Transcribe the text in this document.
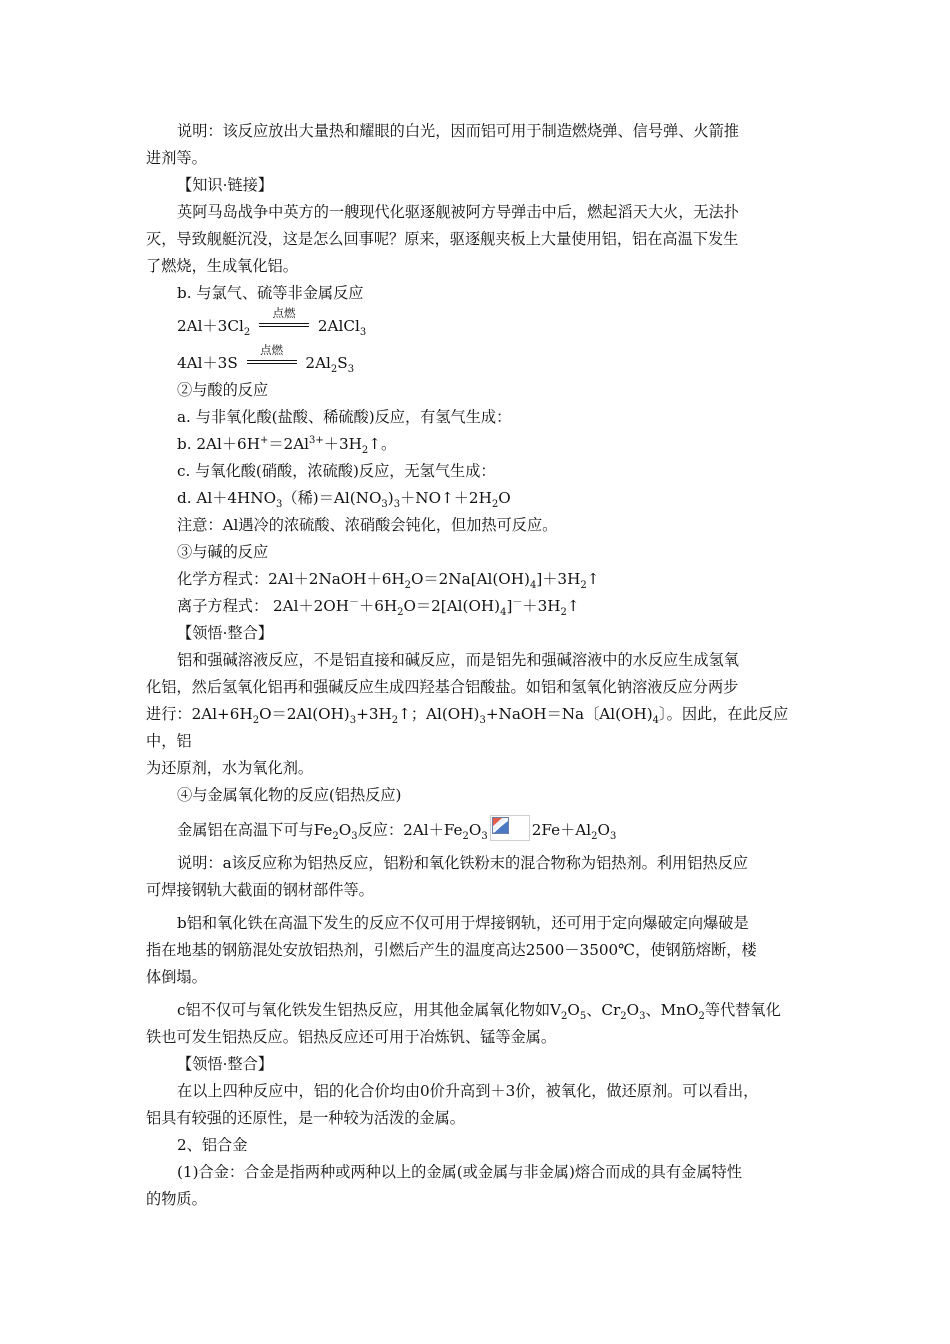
说明：该反应放出大量热和耀眼的白光，因而铝可用于制造燃烧弹、信号弹、火箭推

进剂等。

【知识·链接】

英阿马岛战争中英方的一艘现代化驱逐舰被阿方导弹击中后，燃起滔天大火，无法扑

灭，导致舰艇沉没，这是怎么回事呢？原来，驱逐舰夹板上大量使用铝，铝在高温下发生

了燃烧，生成氧化铝。

b. 与氯气、硫等非金属反应

$2Al+3Cl_2$
点燃
2AlCl$_3$

4Al＋3S
点燃
$2Al_2S_3$

②与酸的反应

a. 与非氧化酸(盐酸、稀硫酸)反应，有氢气生成：

b. $2Al+6H^+=2Al^{3+}+3H_2↑$。

c. 与氧化酸(硝酸，浓硫酸)反应，无氢气生成：

d. $Al+4HNO_3$（稀)$=Al(NO_3)_3+NO↑+2H_2O$

注意：Al遇冷的浓硫酸、浓硝酸会钝化，但加热可反应。

③与碱的反应

化学方程式：$2Al+2NaOH+6H_2O=2Na[Al(OH)_4]+3H_2↑$

离子方程式： $2Al+2OH^-+6H_2O=2[Al(OH)_4]^-+3H_2↑$

【领悟·整合】

铝和强碱溶液反应，不是铝直接和碱反应，而是铝先和强碱溶液中的水反应生成氢氧

化铝，然后氢氧化铝再和强碱反应生成四羟基合铝酸盐。如铝和氢氧化钠溶液反应分两步

进行：$2Al+6H_2O=2Al(OH)_3+3H_2↑$；$Al(OH)_3+NaOH=Na$〔$Al(OH)_4$〕。因此，在此反应中，铝

为还原剂，水为氧化剂。

④与金属氧化物的反应(铝热反应)

金属铝在高温下可与$Fe_2O_3$反应：$2Al+Fe_2O_3$	$2Fe+Al_2O_3$

说明：a该反应称为铝热反应，铝粉和氧化铁粉末的混合物称为铝热剂。利用铝热反应

可焊接钢轨大截面的钢材部件等。

b铝和氧化铁在高温下发生的反应不仅可用于焊接钢轨，还可用于定向爆破定向爆破是

指在地基的钢筋混处安放铝热剂，引燃后产生的温度高达2500－3500℃，使钢筋熔断，楼

体倒塌。

c铝不仅可与氧化铁发生铝热反应，用其他金属氧化物如$V_2O_5$、$Cr_2O_3$、MnO$_2$等代替氧化

铁也可发生铝热反应。铝热反应还可用于冶炼钒、锰等金属。

【领悟·整合】

在以上四种反应中，铝的化合价均由0价升高到＋3价，被氧化，做还原剂。可以看出，

铝具有较强的还原性，是一种较为活泼的金属。

2、铝合金

(1)合金：合金是指两种或两种以上的金属(或金属与非金属)熔合而成的具有金属特性

的物质。
